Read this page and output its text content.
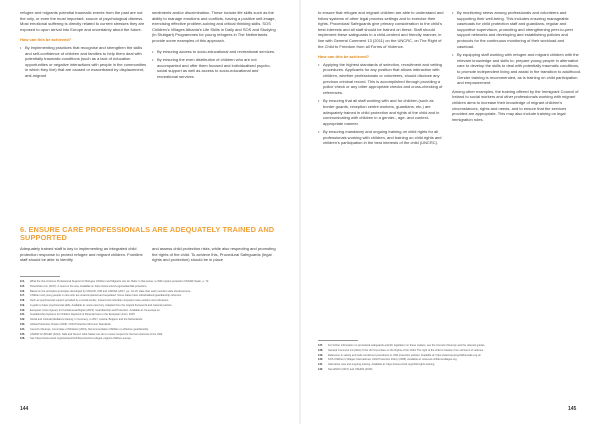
refugee and migrants potential traumatic events from the past are not the only, or even the most important, source of psychological distress. Most emotional suffering is directly related to current stresses they are exposed to upon arrival into Europe and uncertainty about the future.

How can this be achieved?
• By implementing practices that recognise and strengthen the skills and self-confidence of children and families to help them deal with potentially traumatic conditions (such as a lack of education opportunities or negative interactions with people in the communities in which they live) that are caused or exacerbated by displacement, anti-migrant

sentiments and/or discrimination. These include life skills such as the ability to manage emotions and conflicts, having a positive self-image, exercising effective problem-solving and critical thinking skills. SOS Children's Villages Albania's Life Skills in Daily and SOS and Studying (in Stuttgart) Programmes for young refugees in The Netherlands provide some examples of this approach.

• By ensuring access to socio-educational and recreational services.
• By ensuring the even distribution of children who are not accompanied and offer them focused and individualised psycho-social support as well as access to socio-educational and recreational services.
6. ENSURE CARE PROFESSIONALS ARE ADEQUATELY TRAINED AND SUPPORTED

Adequately trained staff is key to implementing an integrated child protection response to protect refugee and migrant children. Frontline staff should be able to identify

and assess child protection risks, while also respecting and promoting the rights of the child. To achieve this, Procedural Safeguards (legal rights and protection) should be in place

114.	What the Out-of-Home Professional Support for Refugee Children and Migrants can do. Refer in that sense: a child migrant protection UNICEF Spain, p. 72.
115.	Rosenthal et al. (2017). A need on the way. Available at: https://www.unicef.org/media/child-protection.
116.	Based on the principles (principles developed by UNHCR, IOM and UNICEF (2017, pp. 13-17) state that: each member state should ensure...
117.	Children and young people in care who are unaccompanied and separated. Some states have individualised guardianship schemes.
118.	Such as psychosocial support provided by a social worker, trained and culturally competent case workers and volunteers.
119.	A guide to basic psychosocial skills, Available at: www.unicef.org. Adapted from the original framework and national practice.
120.	European Union Agency for Fundamental Rights (2019). Guardianship and Protection. Available at: fra.europa.eu
121.	Guardianship Systems for Children Deprived of Parental Care in the European Union, 2015.
122.	Social and Cultural Mediators training: In Germany, in 2017, Austria, Belgium and the Netherlands.
123.	Global Protection Cluster (2018). Child Protection Minimum Standards.
124.	Council of Europe, Committee of Ministers (2019). Recommendation CM/Rec on effective guardianship.
125.	UNHCR & UNICEF (2014). Safe and Sound: what States can do to ensure respect for the best interests of the child.
126.	See https://www.unicef.org/eca/reports/child-protection-refugee-migrant-children-europe.
144

to ensure that refugee and migrant children are able to understand and follow systems of other legal process settings and to exercise their rights. Procedural Safeguards give primary consideration to the child's best interests and all staff should be trained on these. Staff should implement these safeguards in a child-centred and friendly manner, in line with General Comment 13 (2011) on the UNCRC, on The Right of the Child to Freedom from all Forms of Violence.

How can this be achieved?
• Applying the highest standards of selection, recruitment and vetting procedures. Applicants for any position that allows interaction with children, whether professionals or volunteers, should disclose any previous criminal record. This is accomplished through providing a police check or any other appropriate checks and cross-checking of references.
• By ensuring that all staff working with and for children (such as border guards, reception centre workers, guardians, etc.) are adequately trained in child protection and rights of the child and in communicating with children in a gender-, age- and context-appropriate manner.
• By ensuring mandatory and ongoing training on child rights for all professionals working with children, and training on child rights and children's participation in the best interests of the child (UNCRC).
• By monitoring stress among professionals and volunteers and supporting their well-being. This includes ensuring manageable caseloads for child protection staff and guardians, regular and supportive supervision, promoting and strengthening peer-to-peer support networks and developing and establishing policies and protocols for the continuous monitoring of their workload and caseload.
• By equipping staff working with refugee and migrant children with the relevant knowledge and skills to: prepare young people in alternative care to develop the skills to deal with potentially traumatic conditions, to promote independent living and assist in the transition to adulthood. Gender training is recommended, as is training on child participation and empowerment.

Among other examples, the training offered by the Immigrant Council of Ireland to social workers and other professionals working with migrant children aims to increase their knowledge of migrant children's circumstances, rights and needs, and to ensure that the services provided are appropriate. This may also include training on legal immigration rules.

127.	For further information on procedural safeguards and EU legislation on these matters, see the Council of Europe and the relevant guides.
128.	General Comment 13 (2011) of the UN Committee on the Rights of the Child: The right of the child to freedom from all forms of violence.
129.	Reference to vetting and safe recruitment procedures in child protection policies: Available at: https://www.keepingchildrensafe.org.uk
130.	SOS Children's Villages International, Child Protection Policy (2008). Available at: www.sos-childrensvillages.org
131.	Alternative care and ongoing training. Available at: https://www.unicef.org/child-rights-training.
132.	See ENOC (2017) and UNHCR (2016).
145
